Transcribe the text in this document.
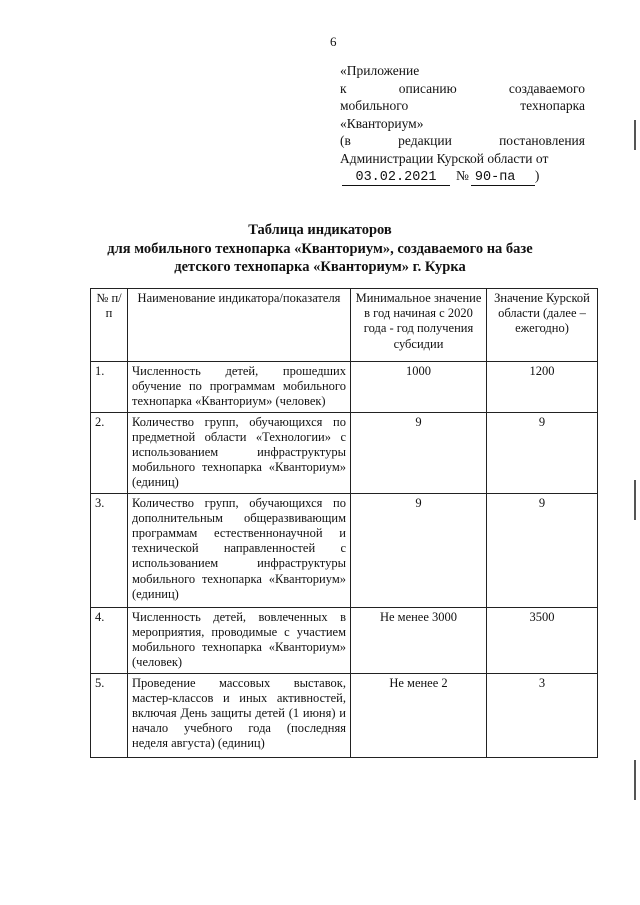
6
«Приложение
к	описанию	создаваемого
мобильного	технопарка
«Кванториум»
(в	редакции	постановления
Администрации Курской области от
03.02.2021	№ 90-па	)
Таблица индикаторов
для мобильного технопарка «Кванториум», создаваемого на базе
детского технопарка «Кванториум» г. Курка
№ п/п	Наименование индикатора/показателя	Минимальное значение в год начиная с 2020 года - год получения субсидии	Значение Курской области (далее – ежегодно)
1.	Численность детей, прошедших обучение по программам мобильного технопарка «Кванториум» (человек)	1000	1200
2.	Количество групп, обучающихся по предметной области «Технологии» с использованием инфраструктуры мобильного технопарка «Кванториум» (единиц)	9	9
3.	Количество групп, обучающихся по дополнительным общеразвивающим программам естественнонаучной и технической направленностей с использованием инфраструктуры мобильного технопарка «Кванториум» (единиц)	9	9
4.	Численность детей, вовлеченных в мероприятия, проводимые с участием мобильного технопарка «Кванториум» (человек)	Не менее 3000	3500
5.	Проведение массовых выставок, мастер-классов и иных активностей, включая День защиты детей (1 июня) и начало учебного года (последняя неделя августа) (единиц)	Не менее 2	3
